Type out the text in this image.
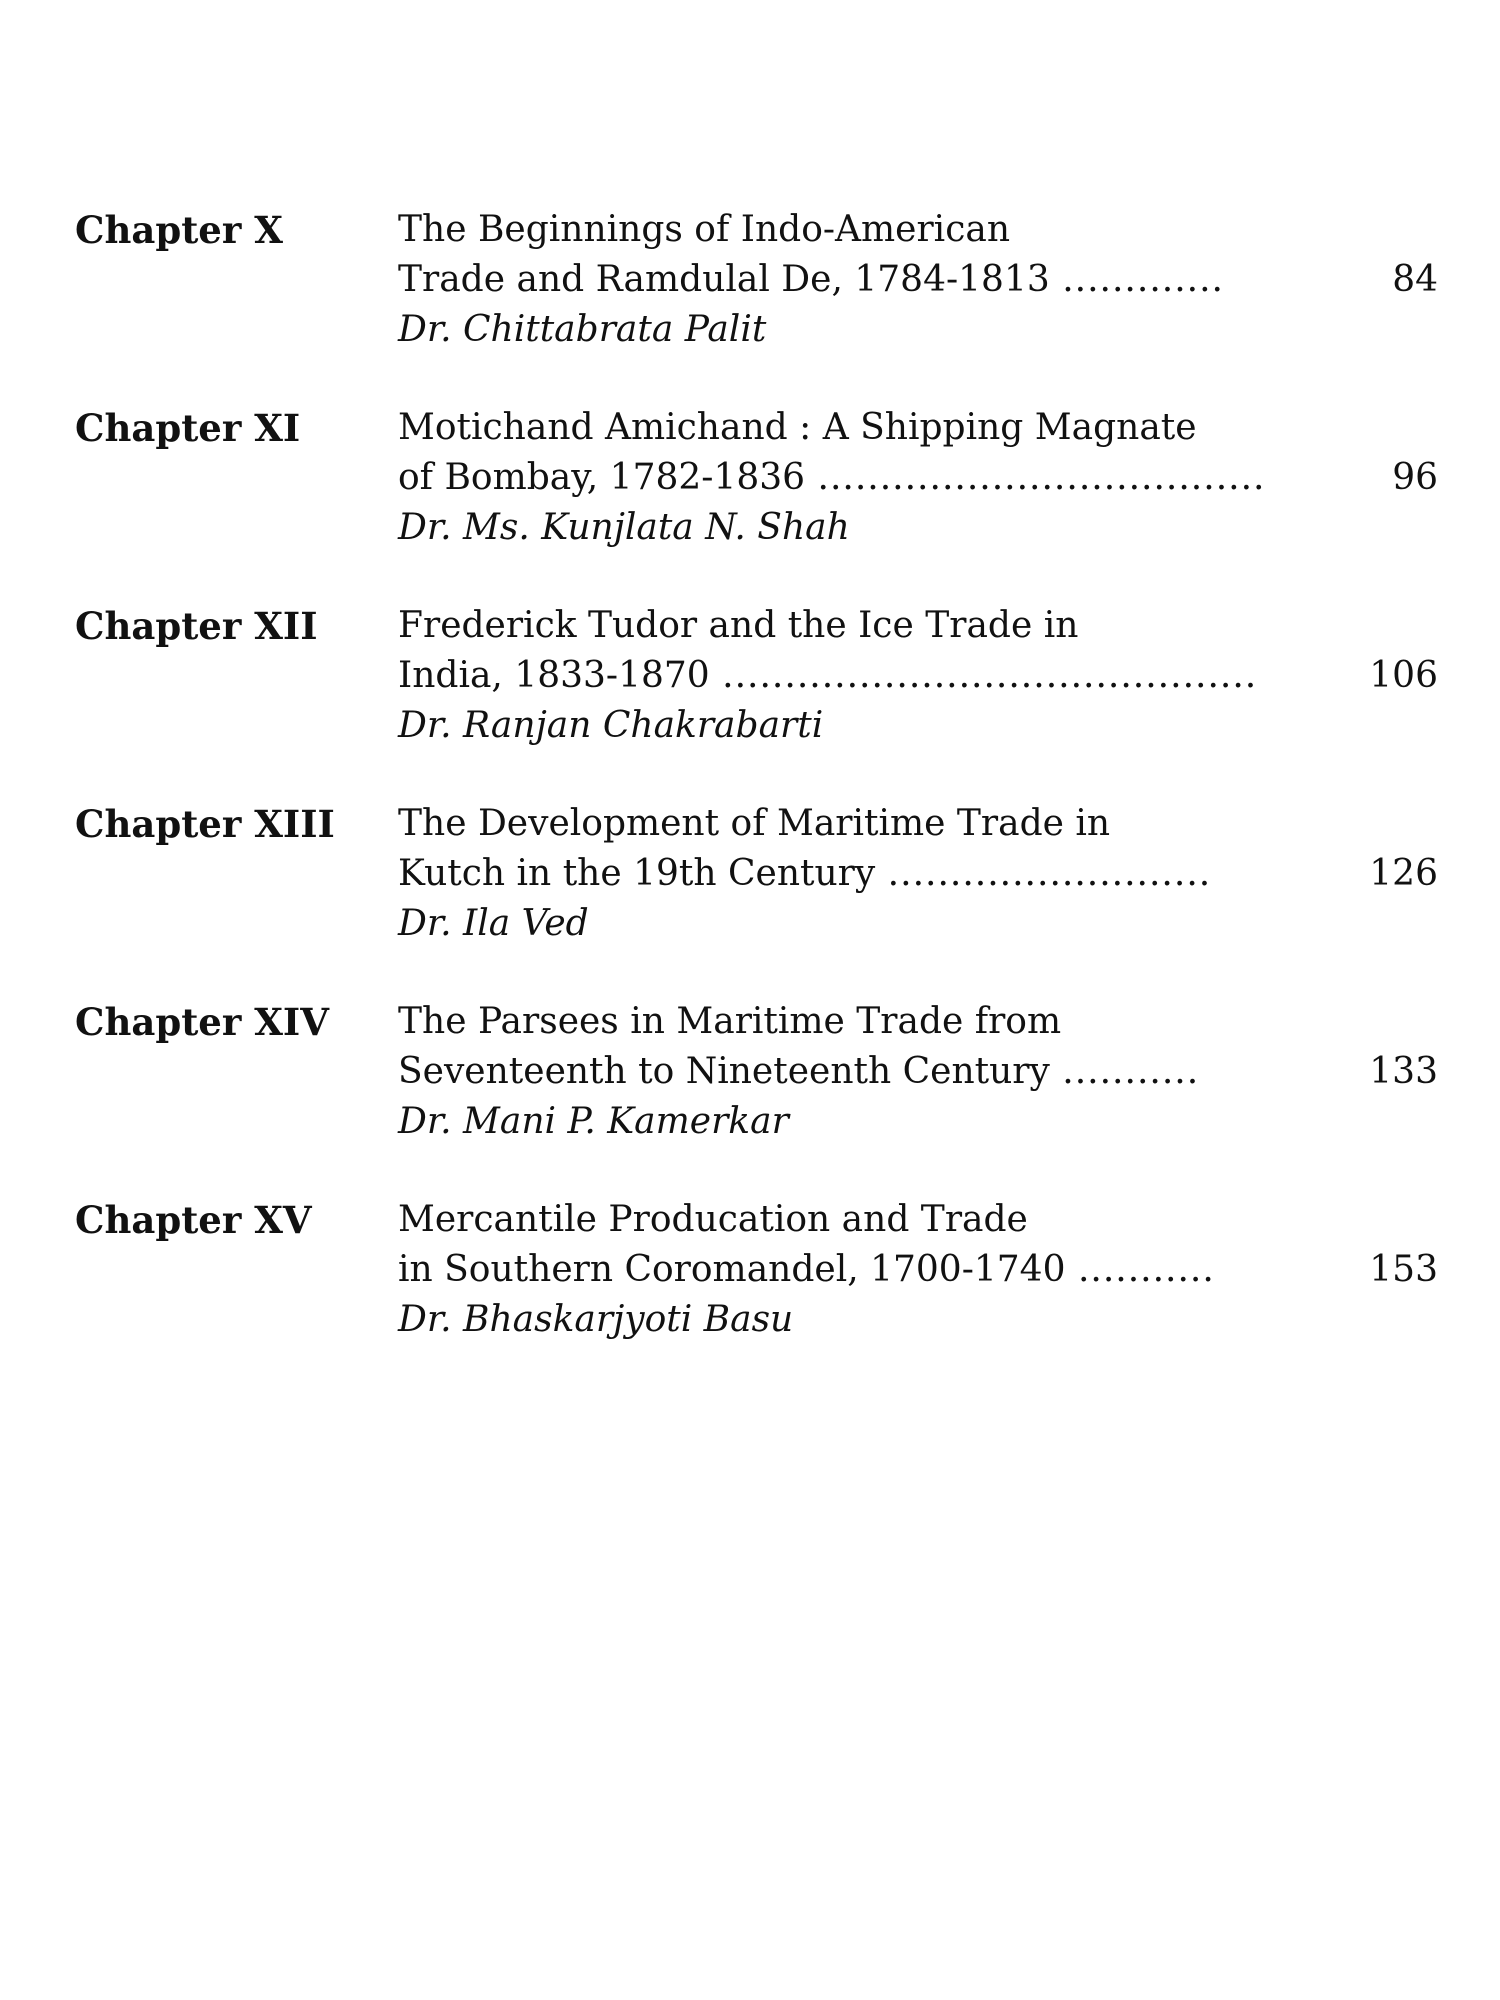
Chapter X	The Beginnings of Indo-American
Trade and Ramdulal De, 1784-1813 .............	84
Dr. Chittabrata Palit
Chapter XI	Motichand Amichand : A Shipping Magnate
of Bombay, 1782-1836 ....................................	96
Dr. Ms. Kunjlata N. Shah
Chapter XII Frederick Tudor and the Ice Trade in
India, 1833-1870 ...........................................	106
Dr. Ranjan Chakrabarti
Chapter XIII The Development of Maritime Trade in
Kutch in the 19th Century ..........................	126
Dr. Ila Ved
Chapter XIV The Parsees in Maritime Trade from
Seventeenth to Nineteenth Century ...........	133
Dr. Mani P. Kamerkar
Chapter XV Mercantile Producation and Trade
in Southern Coromandel, 1700-1740 ...........	153
Dr. Bhaskarjyoti Basu
